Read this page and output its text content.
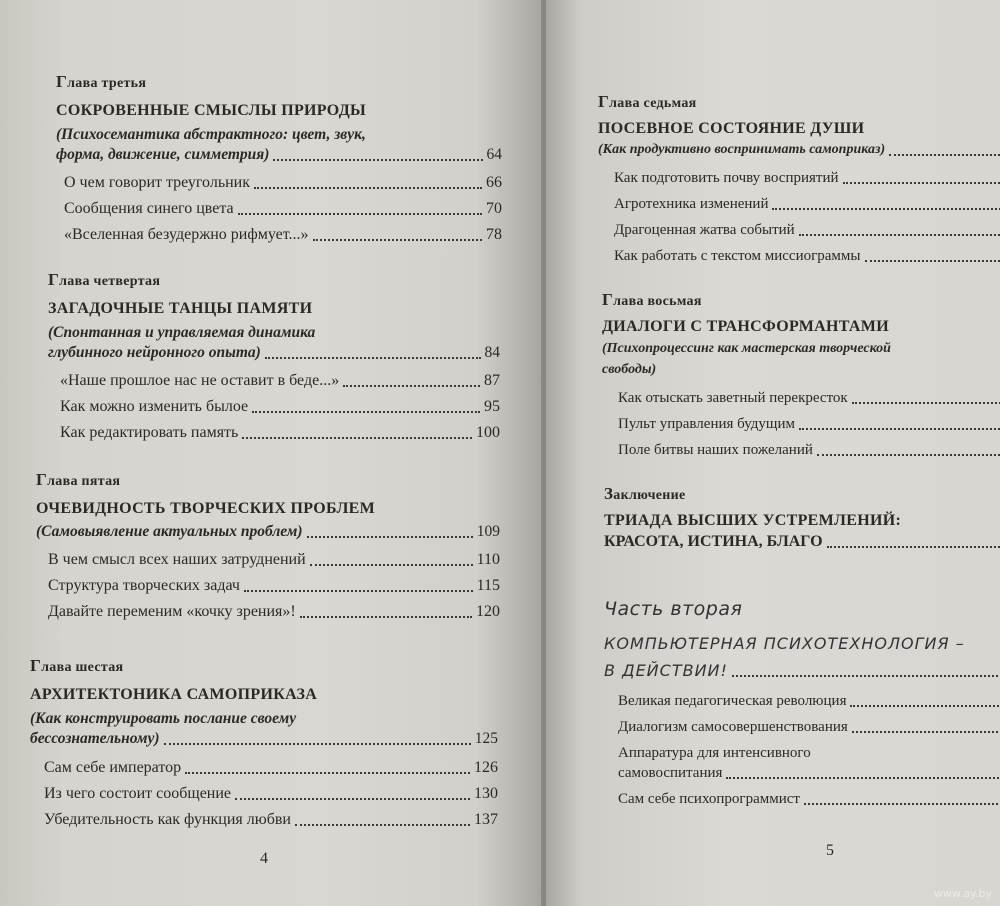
Глава третья
СОКРОВЕННЫЕ СМЫСЛЫ ПРИРОДЫ
(Психосемантика абстрактного: цвет, звук,
форма, движение, симметрия)	64
О чем говорит треугольник	66
Сообщения синего цвета	70
«Вселенная безудержно рифмует...»	78
Глава четвертая
ЗАГАДОЧНЫЕ ТАНЦЫ ПАМЯТИ
(Спонтанная и управляемая динамика
глубинного нейронного опыта)	84
«Наше прошлое нас не оставит в беде...»	87
Как можно изменить былое	95
Как редактировать память	100
Глава пятая
ОЧЕВИДНОСТЬ ТВОРЧЕСКИХ ПРОБЛЕМ
(Самовыявление актуальных проблем)	109
В чем смысл всех наших затруднений	110
Структура творческих задач	115
Давайте переменим «кочку зрения»!	120
Глава шестая
АРХИТЕКТОНИКА САМОПРИКАЗА
(Как конструировать послание своему
бессознательному)	125
Сам себе император	126
Из чего состоит сообщение	130
Убедительность как функция любви	137
4
Глава седьмая
ПОСЕВНОЕ СОСТОЯНИЕ ДУШИ
(Как продуктивно воспринимать самоприказ)
Как подготовить почву восприятий
Агротехника изменений
Драгоценная жатва событий
Как работать с текстом миссиограммы
Глава восьмая
ДИАЛОГИ С ТРАНСФОРМАНТАМИ
(Психопроцессинг как мастерская творческой
свободы)
Как отыскать заветный перекресток
Пульт управления будущим
Поле битвы наших пожеланий
Заключение
ТРИАДА ВЫСШИХ УСТРЕМЛЕНИЙ:
КРАСОТА, ИСТИНА, БЛАГО
Часть вторая
КОМПЬЮТЕРНАЯ ПСИХОТЕХНОЛОГИЯ –
В ДЕЙСТВИИ!
Великая педагогическая революция
Диалогизм самосовершенствования
Аппаратура для интенсивного
самовоспитания
Сам себе психопрограммист
5
www.ay.by
